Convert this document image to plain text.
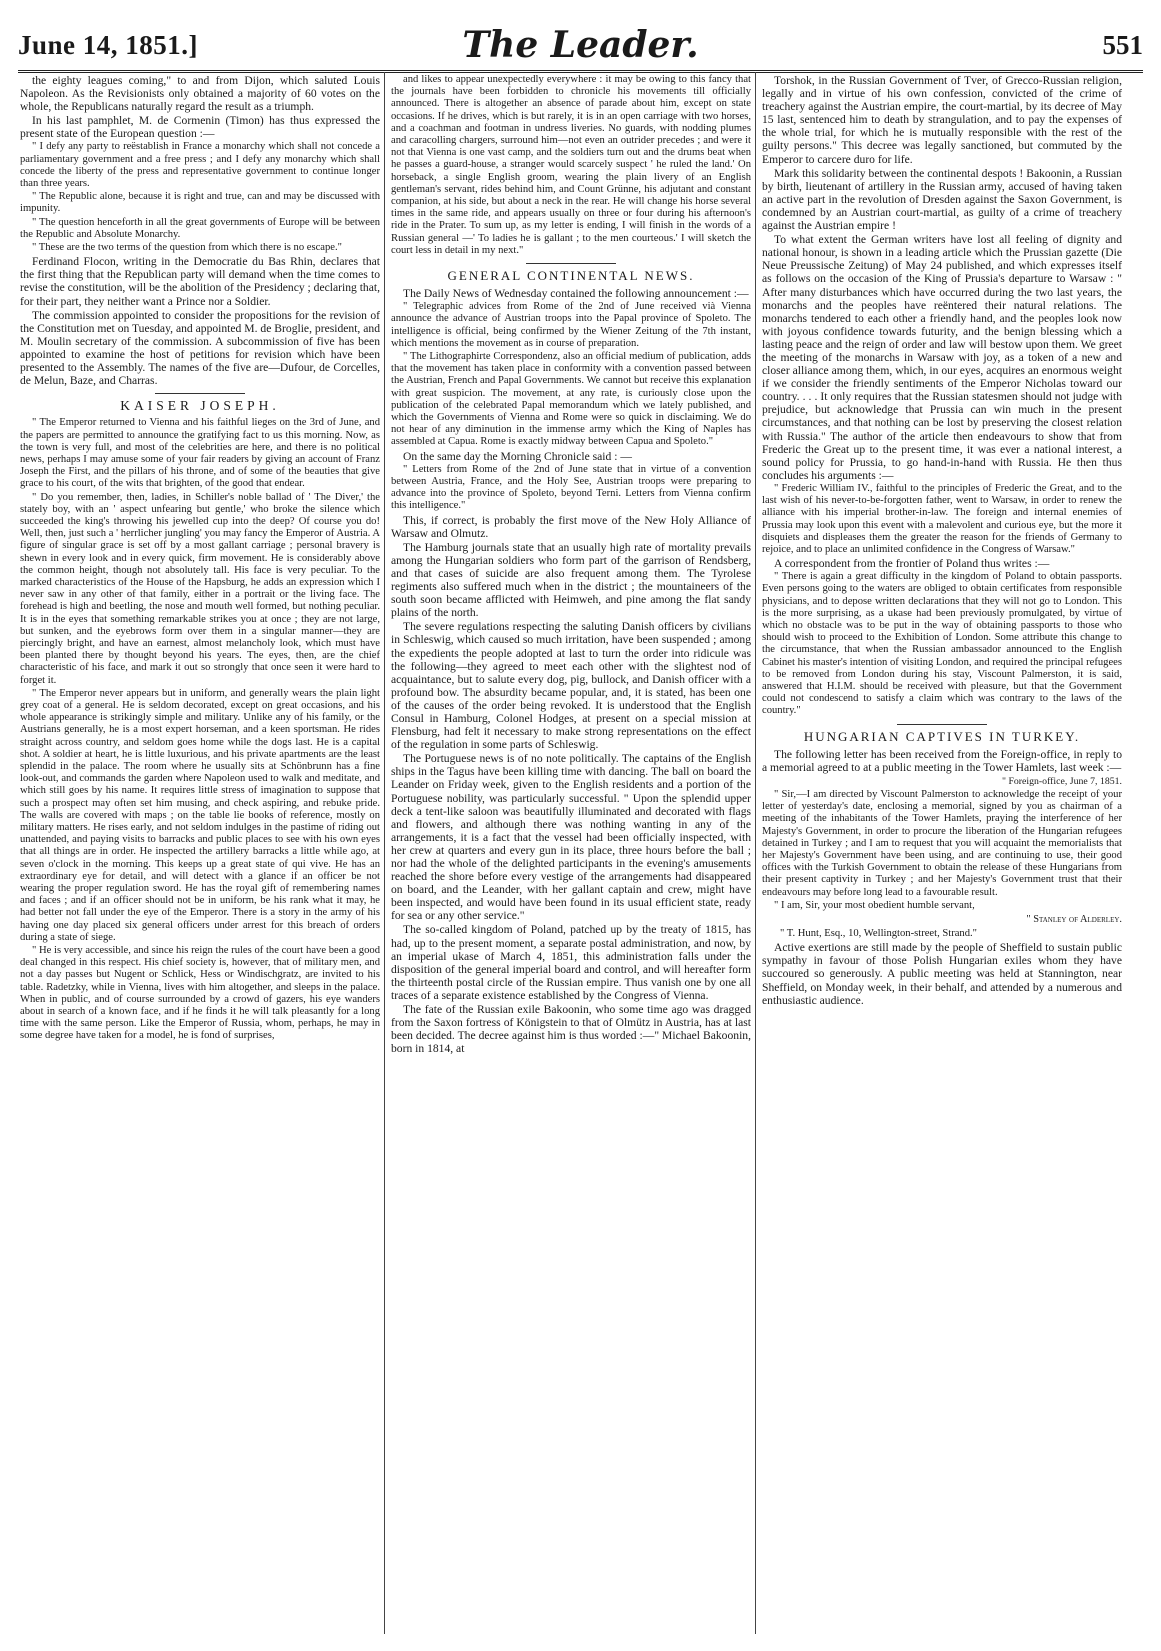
June 14, 1851.]	The Leader.	551

the eighty leagues coming," to and from Dijon, which saluted Louis Napoleon. As the Revisionists only obtained a majority of 60 votes on the whole, the Republicans naturally regard the result as a triumph.

In his last pamphlet, M. de Cormenin (Timon) has thus expressed the present state of the European question :—

" I defy any party to reëstablish in France a monarchy which shall not concede a parliamentary government and a free press ; and I defy any monarchy which shall concede the liberty of the press and representative government to continue longer than three years.

" The Republic alone, because it is right and true, can and may be discussed with impunity.

" The question henceforth in all the great governments of Europe will be between the Republic and Absolute Monarchy.

" These are the two terms of the question from which there is no escape."

Ferdinand Flocon, writing in the Democratie du Bas Rhin, declares that the first thing that the Republican party will demand when the time comes to revise the constitution, will be the abolition of the Presidency ; declaring that, for their part, they neither want a Prince nor a Soldier.

The commission appointed to consider the propositions for the revision of the Constitution met on Tuesday, and appointed M. de Broglie, president, and M. Moulin secretary of the commission. A subcommission of five has been appointed to examine the host of petitions for revision which have been presented to the Assembly. The names of the five are—Dufour, de Corcelles, de Melun, Baze, and Charras.

KAISER JOSEPH.

" The Emperor returned to Vienna and his faithful lieges on the 3rd of June, and the papers are permitted to announce the gratifying fact to us this morning. Now, as the town is very full, and most of the celebrities are here, and there is no political news, perhaps I may amuse some of your fair readers by giving an account of Franz Joseph the First, and the pillars of his throne, and of some of the beauties that give grace to his court, of the wits that brighten, of the good that endear.

" Do you remember, then, ladies, in Schiller's noble ballad of ' The Diver,' the stately boy, with an ' aspect unfearing but gentle,' who broke the silence which succeeded the king's throwing his jewelled cup into the deep? Of course you do! Well, then, just such a ' herrlicher jungling' you may fancy the Emperor of Austria. A figure of singular grace is set off by a most gallant carriage ; personal bravery is shewn in every look and in every quick, firm movement. He is considerably above the common height, though not absolutely tall. His face is very peculiar. To the marked characteristics of the House of the Hapsburg, he adds an expression which I never saw in any other of that family, either in a portrait or the living face. The forehead is high and beetling, the nose and mouth well formed, but nothing peculiar. It is in the eyes that something remarkable strikes you at once ; they are not large, but sunken, and the eyebrows form over them in a singular manner—they are piercingly bright, and have an earnest, almost melancholy look, which must have been planted there by thought beyond his years. The eyes, then, are the chief characteristic of his face, and mark it out so strongly that once seen it were hard to forget it.

" The Emperor never appears but in uniform, and generally wears the plain light grey coat of a general. He is seldom decorated, except on great occasions, and his whole appearance is strikingly simple and military. Unlike any of his family, or the Austrians generally, he is a most expert horseman, and a keen sportsman. He rides straight across country, and seldom goes home while the dogs last. He is a capital shot. A soldier at heart, he is little luxurious, and his private apartments are the least splendid in the palace. The room where he usually sits at Schönbrunn has a fine look-out, and commands the garden where Napoleon used to walk and meditate, and which still goes by his name. It requires little stress of imagination to suppose that such a prospect may often set him musing, and check aspiring, and rebuke pride. The walls are covered with maps ; on the table lie books of reference, mostly on military matters. He rises early, and not seldom indulges in the pastime of riding out unattended, and paying visits to barracks and public places to see with his own eyes that all things are in order. He inspected the artillery barracks a little while ago, at seven o'clock in the morning. This keeps up a great state of qui vive. He has an extraordinary eye for detail, and will detect with a glance if an officer be not wearing the proper regulation sword. He has the royal gift of remembering names and faces ; and if an officer should not be in uniform, be his rank what it may, he had better not fall under the eye of the Emperor. There is a story in the army of his having one day placed six general officers under arrest for this breach of orders during a state of siege.

" He is very accessible, and since his reign the rules of the court have been a good deal changed in this respect. His chief society is, however, that of military men, and not a day passes but Nugent or Schlick, Hess or Windischgratz, are invited to his table. Radetzky, while in Vienna, lives with him altogether, and sleeps in the palace. When in public, and of course surrounded by a crowd of gazers, his eye wanders about in search of a known face, and if he finds it he will talk pleasantly for a long time with the same person. Like the Emperor of Russia, whom, perhaps, he may in some degree have taken for a model, he is fond of surprises,

and likes to appear unexpectedly everywhere : it may be owing to this fancy that the journals have been forbidden to chronicle his movements till officially announced. There is altogether an absence of parade about him, except on state occasions. If he drives, which is but rarely, it is in an open carriage with two horses, and a coachman and footman in undress liveries. No guards, with nodding plumes and caracolling chargers, surround him—not even an outrider precedes ; and were it not that Vienna is one vast camp, and the soldiers turn out and the drums beat when he passes a guard-house, a stranger would scarcely suspect ' he ruled the land.' On horseback, a single English groom, wearing the plain livery of an English gentleman's servant, rides behind him, and Count Grünne, his adjutant and constant companion, at his side, but about a neck in the rear. He will change his horse several times in the same ride, and appears usually on three or four during his afternoon's ride in the Prater. To sum up, as my letter is ending, I will finish in the words of a Russian general —' To ladies he is gallant ; to the men courteous.' I will sketch the court less in detail in my next."

GENERAL CONTINENTAL NEWS.

The Daily News of Wednesday contained the following announcement :—

" Telegraphic advices from Rome of the 2nd of June received vià Vienna announce the advance of Austrian troops into the Papal province of Spoleto. The intelligence is official, being confirmed by the Wiener Zeitung of the 7th instant, which mentions the movement as in course of preparation.

" The Lithographirte Correspondenz, also an official medium of publication, adds that the movement has taken place in conformity with a convention passed between the Austrian, French and Papal Governments. We cannot but receive this explanation with great suspicion. The movement, at any rate, is curiously close upon the publication of the celebrated Papal memorandum which we lately published, and which the Governments of Vienna and Rome were so quick in disclaiming. We do not hear of any diminution in the immense army which the King of Naples has assembled at Capua. Rome is exactly midway between Capua and Spoleto."

On the same day the Morning Chronicle said : —

" Letters from Rome of the 2nd of June state that in virtue of a convention between Austria, France, and the Holy See, Austrian troops were preparing to advance into the province of Spoleto, beyond Terni. Letters from Vienna confirm this intelligence."

This, if correct, is probably the first move of the New Holy Alliance of Warsaw and Olmutz.

The Hamburg journals state that an usually high rate of mortality prevails among the Hungarian soldiers who form part of the garrison of Rendsberg, and that cases of suicide are also frequent among them. The Tyrolese regiments also suffered much when in the district ; the mountaineers of the south soon became afflicted with Heimweh, and pine among the flat sandy plains of the north.

The severe regulations respecting the saluting Danish officers by civilians in Schleswig, which caused so much irritation, have been suspended ; among the expedients the people adopted at last to turn the order into ridicule was the following—they agreed to meet each other with the slightest nod of acquaintance, but to salute every dog, pig, bullock, and Danish officer with a profound bow. The absurdity became popular, and, it is stated, has been one of the causes of the order being revoked. It is understood that the English Consul in Hamburg, Colonel Hodges, at present on a special mission at Flensburg, had felt it necessary to make strong representations on the effect of the regulation in some parts of Schleswig.

The Portuguese news is of no note politically. The captains of the English ships in the Tagus have been killing time with dancing. The ball on board the Leander on Friday week, given to the English residents and a portion of the Portuguese nobility, was particularly successful. " Upon the splendid upper deck a tent-like saloon was beautifully illuminated and decorated with flags and flowers, and although there was nothing wanting in any of the arrangements, it is a fact that the vessel had been officially inspected, with her crew at quarters and every gun in its place, three hours before the ball ; nor had the whole of the delighted participants in the evening's amusements reached the shore before every vestige of the arrangements had disappeared on board, and the Leander, with her gallant captain and crew, might have been inspected, and would have been found in its usual efficient state, ready for sea or any other service."

The so-called kingdom of Poland, patched up by the treaty of 1815, has had, up to the present moment, a separate postal administration, and now, by an imperial ukase of March 4, 1851, this administration falls under the disposition of the general imperial board and control, and will hereafter form the thirteenth postal circle of the Russian empire. Thus vanish one by one all traces of a separate existence established by the Congress of Vienna.

The fate of the Russian exile Bakoonin, who some time ago was dragged from the Saxon fortress of Königstein to that of Olmütz in Austria, has at last been decided. The decree against him is thus worded :—" Michael Bakoonin, born in 1814, at

Torshok, in the Russian Government of Tver, of Grecco-Russian religion, legally and in virtue of his own confession, convicted of the crime of treachery against the Austrian empire, the court-martial, by its decree of May 15 last, sentenced him to death by strangulation, and to pay the expenses of the whole trial, for which he is mutually responsible with the rest of the guilty persons." This decree was legally sanctioned, but commuted by the Emperor to carcere duro for life.

Mark this solidarity between the continental despots ! Bakoonin, a Russian by birth, lieutenant of artillery in the Russian army, accused of having taken an active part in the revolution of Dresden against the Saxon Government, is condemned by an Austrian court-martial, as guilty of a crime of treachery against the Austrian empire !

To what extent the German writers have lost all feeling of dignity and national honour, is shown in a leading article which the Prussian gazette (Die Neue Preussische Zeitung) of May 24 published, and which expresses itself as follows on the occasion of the King of Prussia's departure to Warsaw : " After many disturbances which have occurred during the two last years, the monarchs and the peoples have reëntered their natural relations. The monarchs tendered to each other a friendly hand, and the peoples look now with joyous confidence towards futurity, and the benign blessing which a lasting peace and the reign of order and law will bestow upon them. We greet the meeting of the monarchs in Warsaw with joy, as a token of a new and closer alliance among them, which, in our eyes, acquires an enormous weight if we consider the friendly sentiments of the Emperor Nicholas toward our country. . . . It only requires that the Russian statesmen should not judge with prejudice, but acknowledge that Prussia can win much in the present circumstances, and that nothing can be lost by preserving the closest relation with Russia." The author of the article then endeavours to show that from Frederic the Great up to the present time, it was ever a national interest, a sound policy for Prussia, to go hand-in-hand with Russia. He then thus concludes his arguments :—

" Frederic William IV., faithful to the principles of Frederic the Great, and to the last wish of his never-to-be-forgotten father, went to Warsaw, in order to renew the alliance with his imperial brother-in-law. The foreign and internal enemies of Prussia may look upon this event with a malevolent and curious eye, but the more it disquiets and displeases them the greater the reason for the friends of Germany to rejoice, and to place an unlimited confidence in the Congress of Warsaw."

A correspondent from the frontier of Poland thus writes :—

" There is again a great difficulty in the kingdom of Poland to obtain passports. Even persons going to the waters are obliged to obtain certificates from responsible physicians, and to depose written declarations that they will not go to London. This is the more surprising, as a ukase had been previously promulgated, by virtue of which no obstacle was to be put in the way of obtaining passports to those who should wish to proceed to the Exhibition of London. Some attribute this change to the circumstance, that when the Russian ambassador announced to the English Cabinet his master's intention of visiting London, and required the principal refugees to be removed from London during his stay, Viscount Palmerston, it is said, answered that H.I.M. should be received with pleasure, but that the Government could not condescend to satisfy a claim which was contrary to the laws of the country."

HUNGARIAN CAPTIVES IN TURKEY.

The following letter has been received from the Foreign-office, in reply to a memorial agreed to at a public meeting in the Tower Hamlets, last week :—

" Foreign-office, June 7, 1851.

" Sir,—I am directed by Viscount Palmerston to acknowledge the receipt of your letter of yesterday's date, enclosing a memorial, signed by you as chairman of a meeting of the inhabitants of the Tower Hamlets, praying the interference of her Majesty's Government, in order to procure the liberation of the Hungarian refugees detained in Turkey ; and I am to request that you will acquaint the memorialists that her Majesty's Government have been using, and are continuing to use, their good offices with the Turkish Government to obtain the release of these Hungarians from their present captivity in Turkey ; and her Majesty's Government trust that their endeavours may before long lead to a favourable result.

" I am, Sir, your most obedient humble servant,

" Stanley of Alderley.

" T. Hunt, Esq., 10, Wellington-street, Strand."

Active exertions are still made by the people of Sheffield to sustain public sympathy in favour of those Polish Hungarian exiles whom they have succoured so generously. A public meeting was held at Stannington, near Sheffield, on Monday week, in their behalf, and attended by a numerous and enthusiastic audience.
